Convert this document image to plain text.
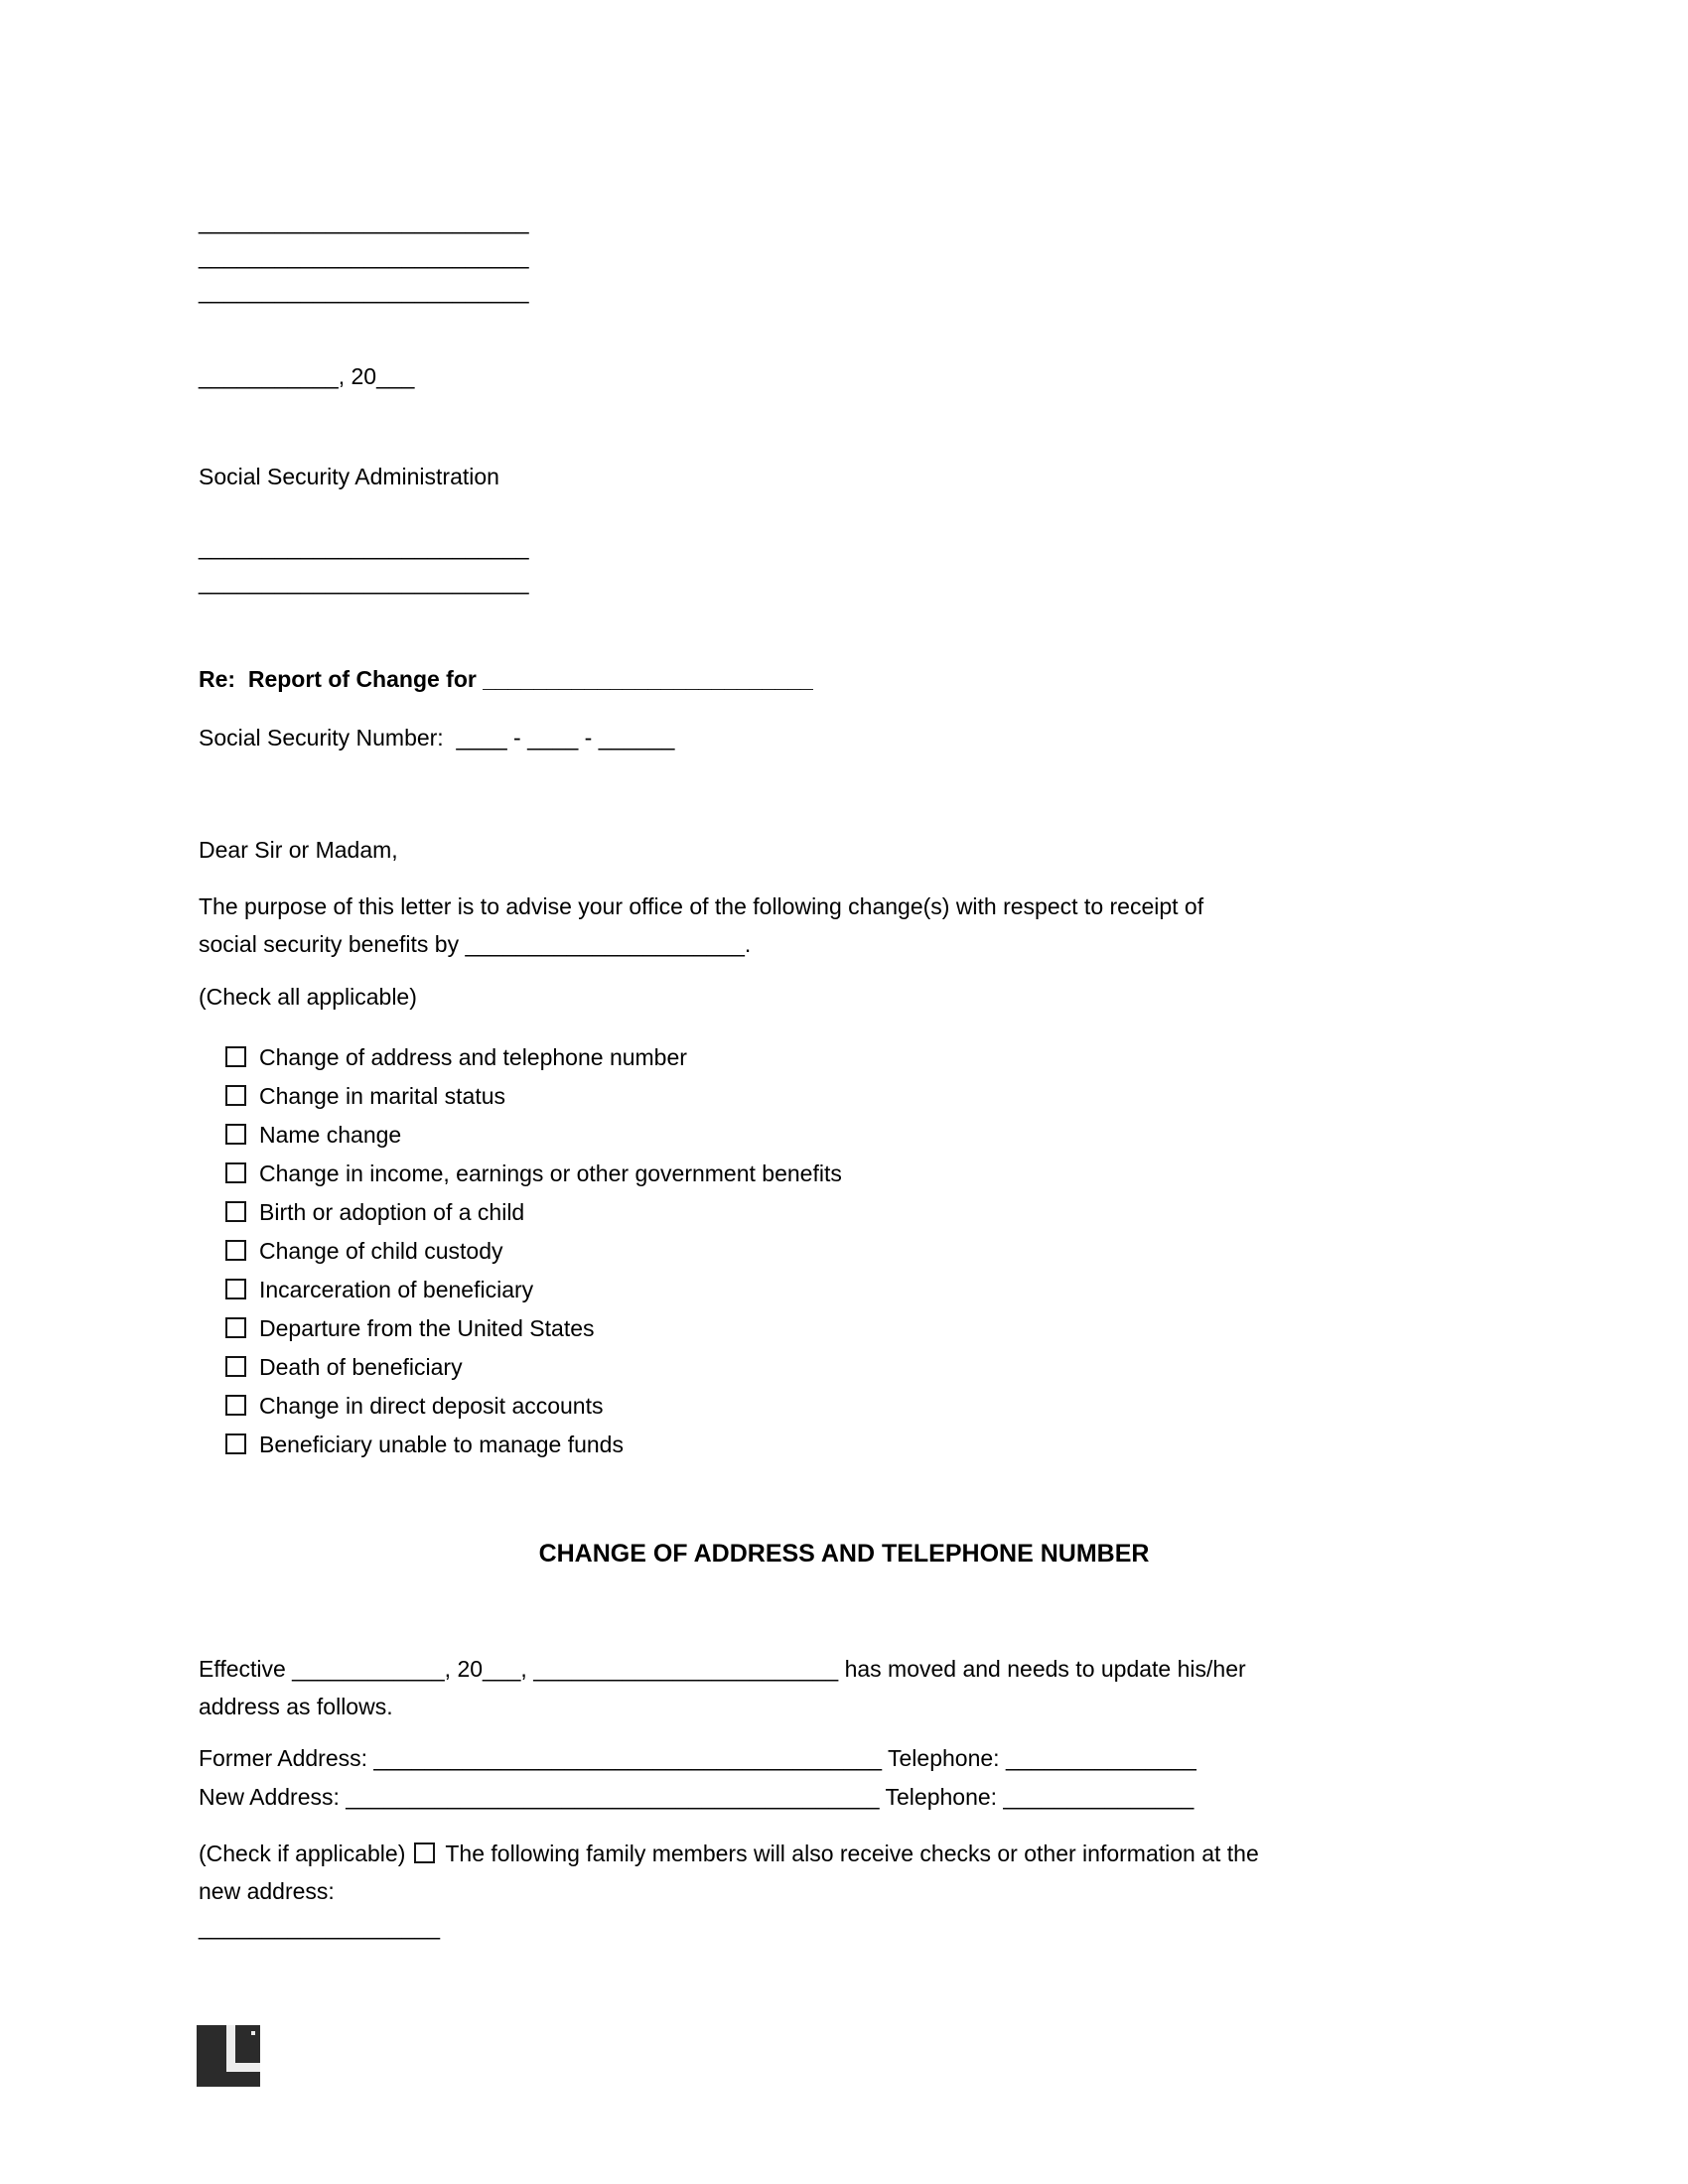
__________________________
__________________________
__________________________
___________, 20___
Social Security Administration
__________________________
__________________________
Re:  Report of Change for __________________________
Social Security Number:  ____ - ____ - ______
Dear Sir or Madam,
The purpose of this letter is to advise your office of the following change(s) with respect to receipt of
social security benefits by ______________________.
(Check all applicable)
Change of address and telephone number
Change in marital status
Name change
Change in income, earnings or other government benefits
Birth or adoption of a child
Change of child custody
Incarceration of beneficiary
Departure from the United States
Death of beneficiary
Change in direct deposit accounts
Beneficiary unable to manage funds
CHANGE OF ADDRESS AND TELEPHONE NUMBER
Effective ____________, 20___, ________________________ has moved and needs to update his/her
address as follows.
Former Address: ________________________________________ Telephone: _______________
New Address: __________________________________________ Telephone: _______________
(Check if applicable) The following family members will also receive checks or other information at the
new address:
___________________
